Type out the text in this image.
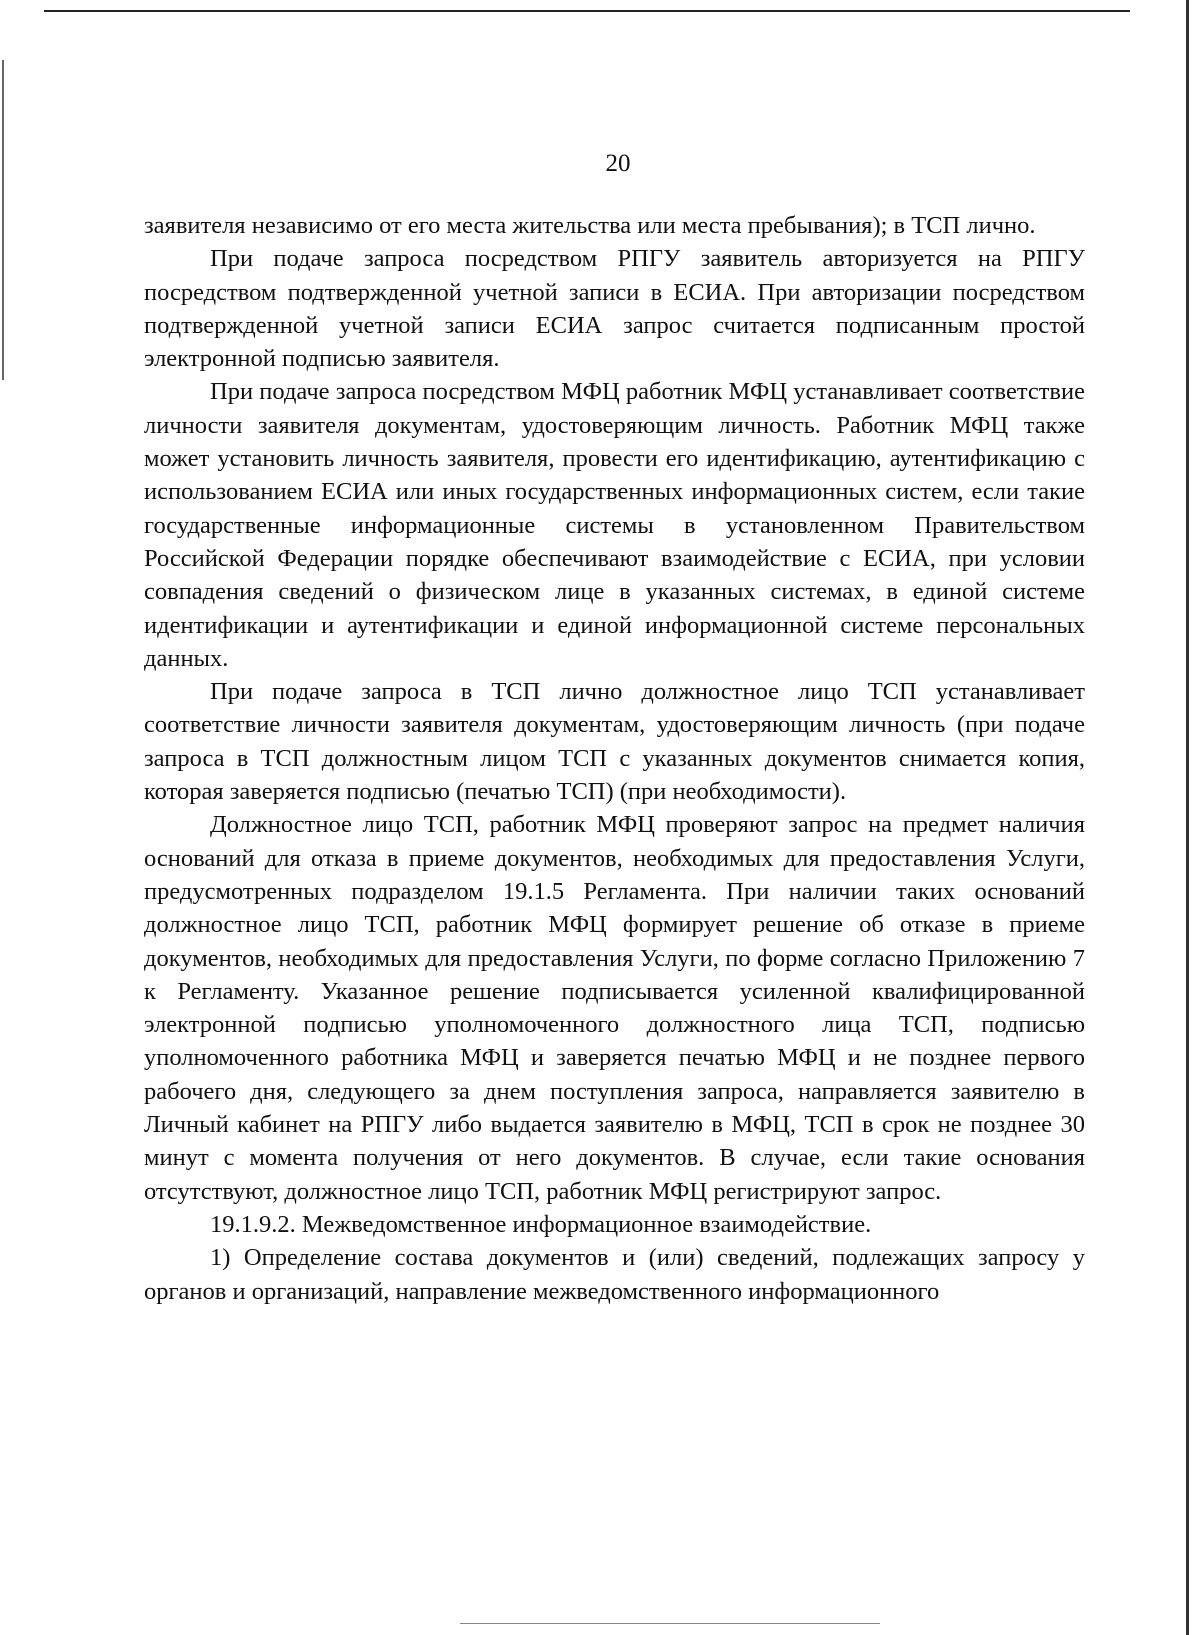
20

заявителя независимо от его места жительства или места пребывания); в ТСП лично.

При подаче запроса посредством РПГУ заявитель авторизуется на РПГУ посредством подтвержденной учетной записи в ЕСИА. При авторизации посредством подтвержденной учетной записи ЕСИА запрос считается подписанным простой электронной подписью заявителя.

При подаче запроса посредством МФЦ работник МФЦ устанавливает соответствие личности заявителя документам, удостоверяющим личность. Работник МФЦ также может установить личность заявителя, провести его идентификацию, аутентификацию с использованием ЕСИА или иных государственных информационных систем, если такие государственные информационные системы в установленном Правительством Российской Федерации порядке обеспечивают взаимодействие с ЕСИА, при условии совпадения сведений о физическом лице в указанных системах, в единой системе идентификации и аутентификации и единой информационной системе персональных данных.

При подаче запроса в ТСП лично должностное лицо ТСП устанавливает соответствие личности заявителя документам, удостоверяющим личность (при подаче запроса в ТСП должностным лицом ТСП с указанных документов снимается копия, которая заверяется подписью (печатью ТСП) (при необходимости).

Должностное лицо ТСП, работник МФЦ проверяют запрос на предмет наличия оснований для отказа в приеме документов, необходимых для предоставления Услуги, предусмотренных подразделом 19.1.5 Регламента. При наличии таких оснований должностное лицо ТСП, работник МФЦ формирует решение об отказе в приеме документов, необходимых для предоставления Услуги, по форме согласно Приложению 7 к Регламенту. Указанное решение подписывается усиленной квалифицированной электронной подписью уполномоченного должностного лица ТСП, подписью уполномоченного работника МФЦ и заверяется печатью МФЦ и не позднее первого рабочего дня, следующего за днем поступления запроса, направляется заявителю в Личный кабинет на РПГУ либо выдается заявителю в МФЦ, ТСП в срок не позднее 30 минут с момента получения от него документов. В случае, если такие основания отсутствуют, должностное лицо ТСП, работник МФЦ регистрируют запрос.

19.1.9.2. Межведомственное информационное взаимодействие.

1) Определение состава документов и (или) сведений, подлежащих запросу у органов и организаций, направление межведомственного информационного
